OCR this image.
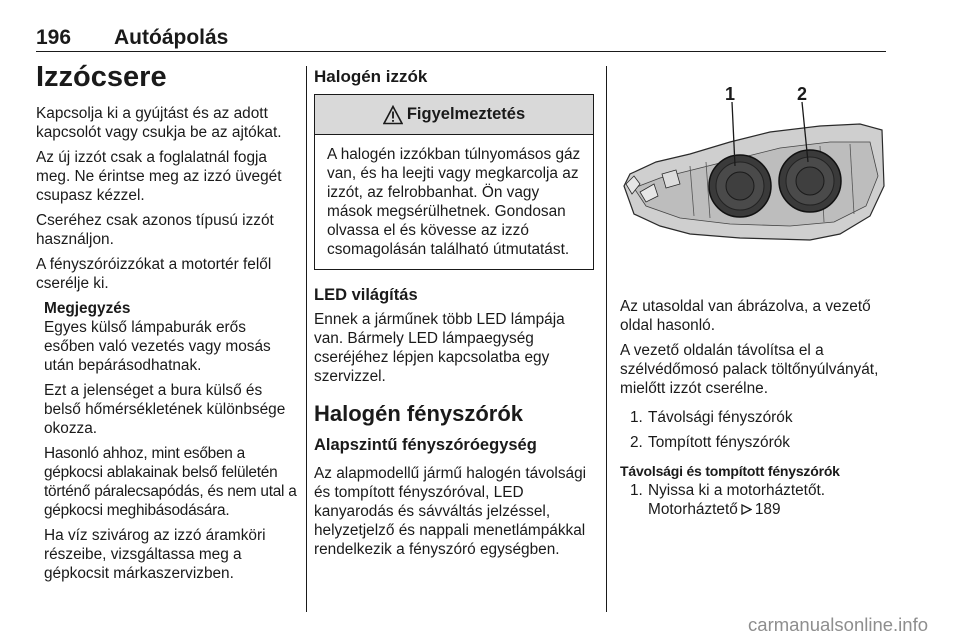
196 Autóápolás
Izzócsere
Kapcsolja ki a gyújtást és az adott kapcsolót vagy csukja be az ajtókat.
Az új izzót csak a foglalatnál fogja meg. Ne érintse meg az izzó üvegét csupasz kézzel.
Cseréhez csak azonos típusú izzót használjon.
A fényszóróizzókat a motortér felől cserélje ki.
Megjegyzés
Egyes külső lámpaburák erős esőben való vezetés vagy mosás után bepárásodhatnak.
Ezt a jelenséget a bura külső és belső hőmérsékletének különbsége okozza.
Hasonló ahhoz, mint esőben a gépkocsi ablakainak belső felületén történő páralecsapódás, és nem utal a gépkocsi meghibásodására.
Ha víz szivárog az izzó áramköri részeibe, vizsgáltassa meg a gépkocsit márkaszervizben.
Halogén izzók
Figyelmeztetés
A halogén izzókban túlnyomásos gáz van, és ha leejti vagy megkarcolja az izzót, az felrobbanhat. Ön vagy mások megsérülhetnek. Gondosan olvassa el és kövesse az izzó csomagolásán található útmutatást.
LED világítás
Ennek a járműnek több LED lámpája van. Bármely LED lámpaegység cseréjéhez lépjen kapcsolatba egy szervizzel.
Halogén fényszórók
Alapszintű fényszóróegység
Az alapmodellű jármű halogén távolsági és tompított fényszóróval, LED kanyarodás és sávváltás jelzéssel, helyzetjelző és nappali menetlámpákkal rendelkezik a fényszóró egységben.
1	2
Az utasoldal van ábrázolva, a vezető oldal hasonló.
A vezető oldalán távolítsa el a szélvédőmosó palack töltőnyúlványát, mielőtt izzót cserélne.
1. Távolsági fényszórók
2. Tompított fényszórók
Távolsági és tompított fényszórók
1. Nyissa ki a motorháztetőt.
Motorháztető 189
carmanualsonline.info
